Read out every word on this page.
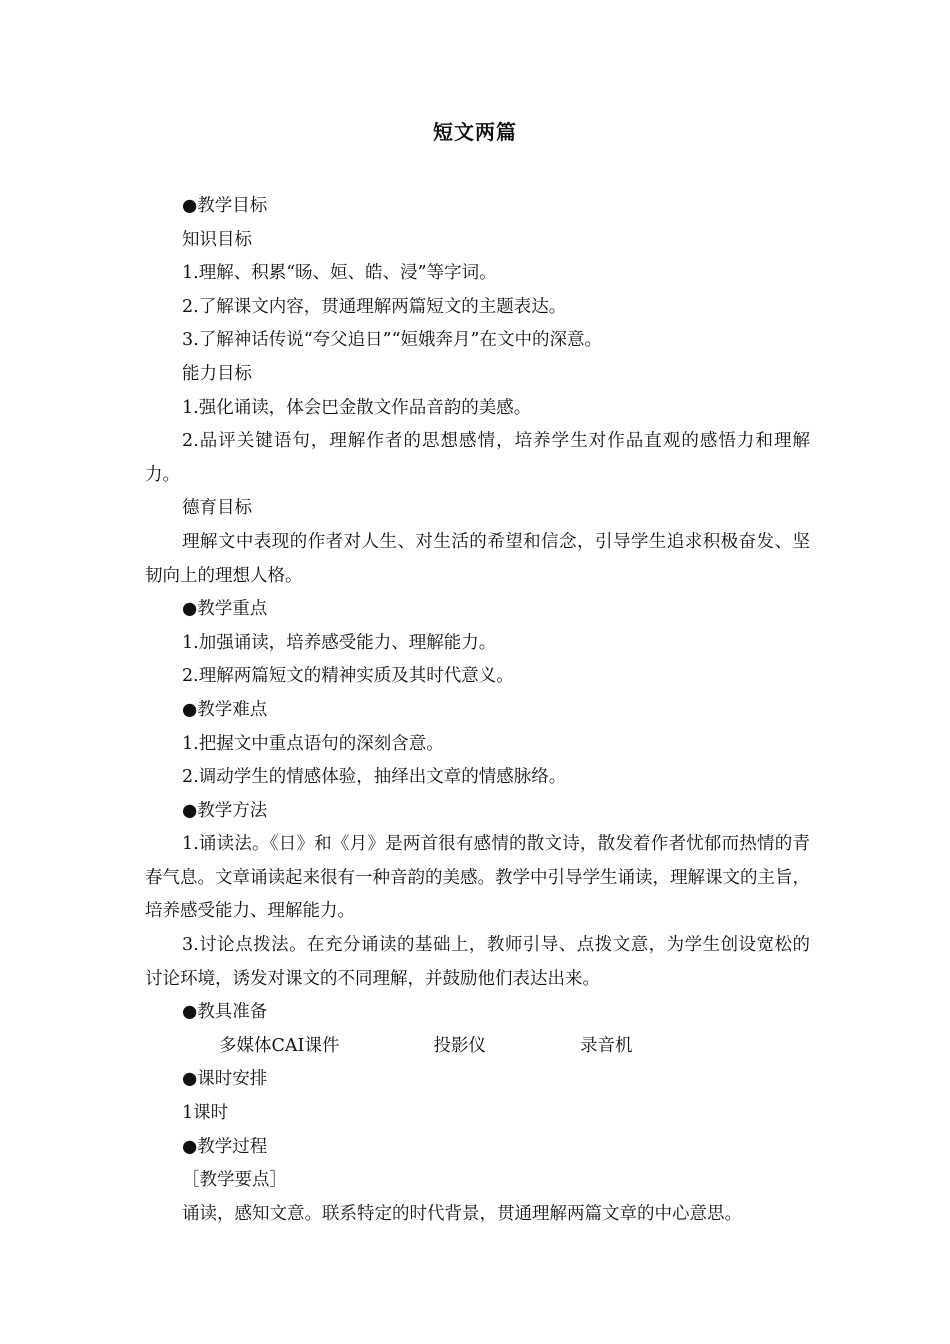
短文两篇

●教学目标

知识目标

1.理解、积累“旸、姮、皓、浸”等字词。

2.了解课文内容，贯通理解两篇短文的主题表达。

3.了解神话传说“夸父追日”“姮娥奔月”在文中的深意。

能力目标

1.强化诵读，体会巴金散文作品音韵的美感。

2.品评关键语句，理解作者的思想感情，培养学生对作品直观的感悟力和理解力。

德育目标

理解文中表现的作者对人生、对生活的希望和信念，引导学生追求积极奋发、坚韧向上的理想人格。

●教学重点

1.加强诵读，培养感受能力、理解能力。

2.理解两篇短文的精神实质及其时代意义。

●教学难点

1.把握文中重点语句的深刻含意。

2.调动学生的情感体验，抽绎出文章的情感脉络。

●教学方法

1.诵读法。《日》和《月》是两首很有感情的散文诗，散发着作者忧郁而热情的青春气息。文章诵读起来很有一种音韵的美感。教学中引导学生诵读，理解课文的主旨，培养感受能力、理解能力。

3.讨论点拨法。在充分诵读的基础上，教师引导、点拨文意，为学生创设宽松的讨论环境，诱发对课文的不同理解，并鼓励他们表达出来。

●教具准备

多媒体CAI课件	投影仪	录音机

●课时安排

1课时

●教学过程

［教学要点］

诵读，感知文意。联系特定的时代背景，贯通理解两篇文章的中心意思。
